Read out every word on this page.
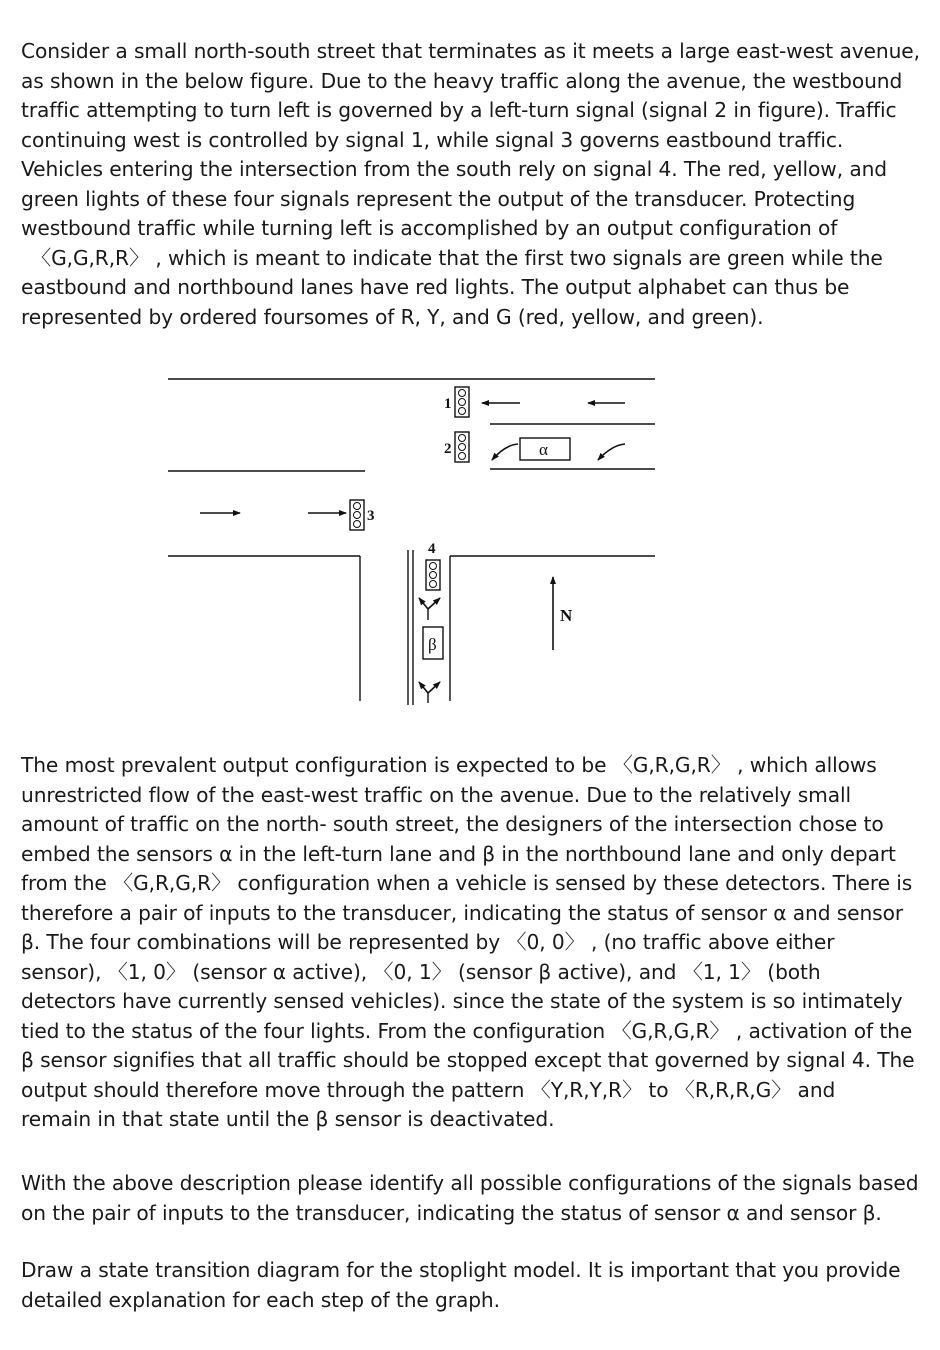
Consider a small north-south street that terminates as it meets a large east-west avenue,
as shown in the below figure. Due to the heavy traffic along the avenue, the westbound
traffic attempting to turn left is governed by a left-turn signal (signal 2 in figure). Traffic
continuing west is controlled by signal 1, while signal 3 governs eastbound traffic.
Vehicles entering the intersection from the south rely on signal 4. The red, yellow, and
green lights of these four signals represent the output of the transducer. Protecting
westbound traffic while turning left is accomplished by an output configuration of
〈G,G,R,R〉 , which is meant to indicate that the first two signals are green while the
eastbound and northbound lanes have red lights. The output alphabet can thus be
represented by ordered foursomes of R, Y, and G (red, yellow, and green).
1
2
3
4
N
α
β
The most prevalent output configuration is expected to be 〈G,R,G,R〉 , which allows
unrestricted flow of the east-west traffic on the avenue. Due to the relatively small
amount of traffic on the north- south street, the designers of the intersection chose to
embed the sensors α in the left-turn lane and β in the northbound lane and only depart
from the 〈G,R,G,R〉 configuration when a vehicle is sensed by these detectors. There is
therefore a pair of inputs to the transducer, indicating the status of sensor α and sensor
β. The four combinations will be represented by 〈0, 0〉 , (no traffic above either
sensor), 〈1, 0〉 (sensor α active), 〈0, 1〉 (sensor β active), and 〈1, 1〉 (both
detectors have currently sensed vehicles). since the state of the system is so intimately
tied to the status of the four lights. From the configuration 〈G,R,G,R〉 , activation of the
β sensor signifies that all traffic should be stopped except that governed by signal 4. The
output should therefore move through the pattern 〈Y,R,Y,R〉 to 〈R,R,R,G〉 and
remain in that state until the β sensor is deactivated.
With the above description please identify all possible configurations of the signals based
on the pair of inputs to the transducer, indicating the status of sensor α and sensor β.
Draw a state transition diagram for the stoplight model. It is important that you provide
detailed explanation for each step of the graph.
